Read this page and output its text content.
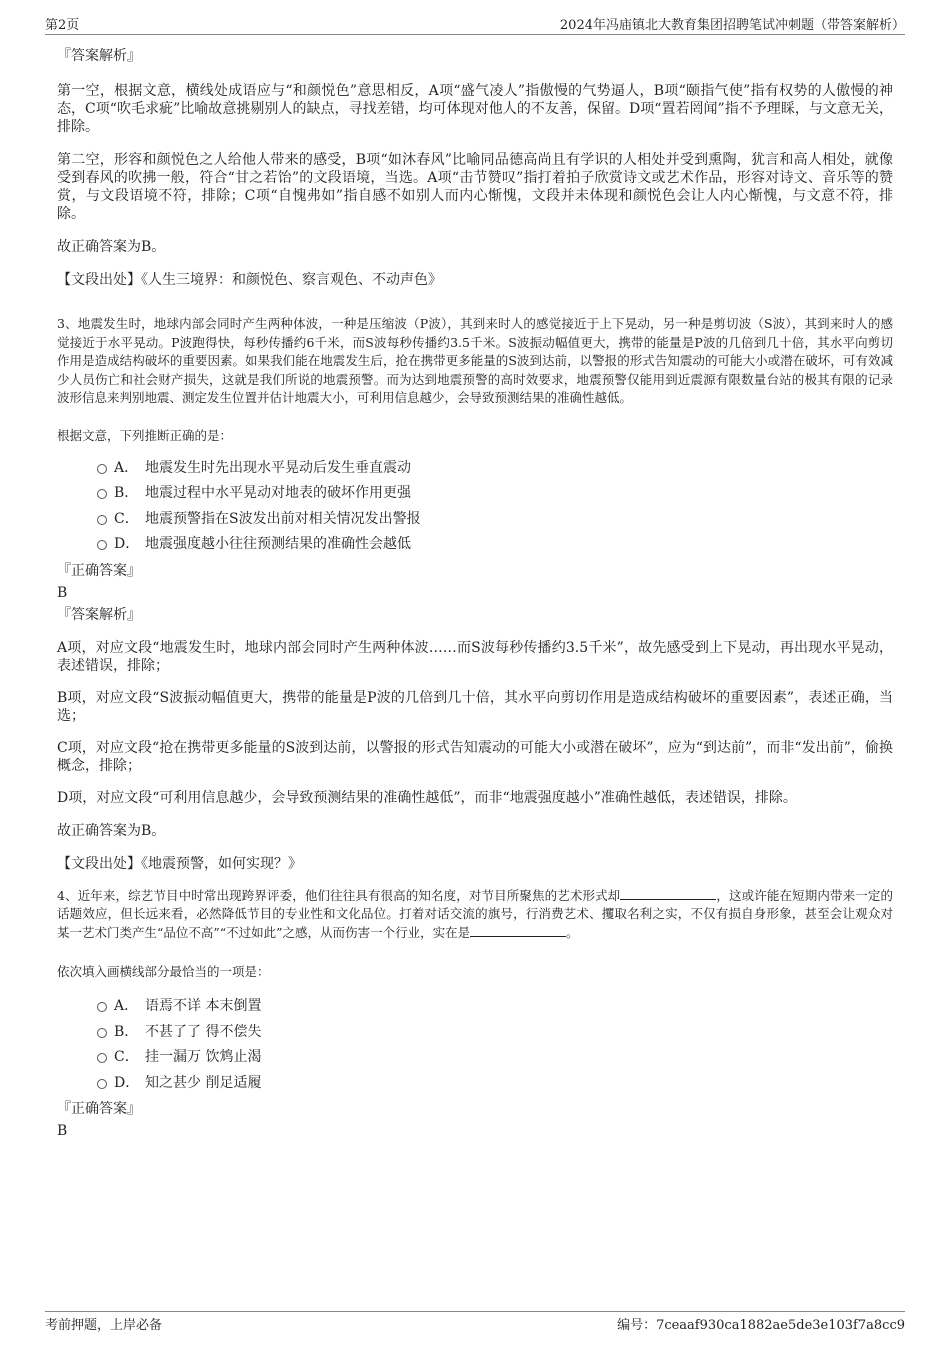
第2页	2024年冯庙镇北大教育集团招聘笔试冲刺题（带答案解析）

『答案解析』

第一空，根据文意，横线处成语应与“和颜悦色”意思相反，A项“盛气凌人”指傲慢的气势逼人，B项“颐指气使”指有权势的人傲慢的神态，C项“吹毛求疵”比喻故意挑剔别人的缺点，寻找差错，均可体现对他人的不友善，保留。D项“置若罔闻”指不予理睬，与文意无关，排除。

第二空，形容和颜悦色之人给他人带来的感受，B项“如沐春风”比喻同品德高尚且有学识的人相处并受到熏陶，犹言和高人相处，就像受到春风的吹拂一般，符合“甘之若饴”的文段语境，当选。A项“击节赞叹”指打着拍子欣赏诗文或艺术作品，形容对诗文、音乐等的赞赏，与文段语境不符，排除；C项“自愧弗如”指自感不如别人而内心惭愧，文段并未体现和颜悦色会让人内心惭愧，与文意不符，排除。

故正确答案为B。

【文段出处】《人生三境界：和颜悦色、察言观色、不动声色》

3、地震发生时，地球内部会同时产生两种体波，一种是压缩波（P波），其到来时人的感觉接近于上下晃动，另一种是剪切波（S波），其到来时人的感觉接近于水平晃动。P波跑得快，每秒传播约6千米，而S波每秒传播约3.5千米。S波振动幅值更大，携带的能量是P波的几倍到几十倍，其水平向剪切作用是造成结构破坏的重要因素。如果我们能在地震发生后，抢在携带更多能量的S波到达前，以警报的形式告知震动的可能大小或潜在破坏，可有效减少人员伤亡和社会财产损失，这就是我们所说的地震预警。而为达到地震预警的高时效要求，地震预警仅能用到近震源有限数量台站的极其有限的记录波形信息来判别地震、测定发生位置并估计地震大小，可利用信息越少，会导致预测结果的准确性越低。

根据文意，下列推断正确的是：

A． 地震发生时先出现水平晃动后发生垂直震动
B． 地震过程中水平晃动对地表的破坏作用更强
C． 地震预警指在S波发出前对相关情况发出警报
D． 地震强度越小往往预测结果的准确性会越低

『正确答案』

B

『答案解析』

A项，对应文段“地震发生时，地球内部会同时产生两种体波……而S波每秒传播约3.5千米”，故先感受到上下晃动，再出现水平晃动，表述错误，排除；

B项，对应文段“S波振动幅值更大，携带的能量是P波的几倍到几十倍，其水平向剪切作用是造成结构破坏的重要因素”，表述正确，当选；

C项，对应文段“抢在携带更多能量的S波到达前，以警报的形式告知震动的可能大小或潜在破坏”，应为“到达前”，而非“发出前”，偷换概念，排除；

D项，对应文段“可利用信息越少，会导致预测结果的准确性越低”，而非“地震强度越小”准确性越低，表述错误，排除。

故正确答案为B。

【文段出处】《地震预警，如何实现？》

4、近年来，综艺节目中时常出现跨界评委，他们往往具有很高的知名度，对节目所聚焦的艺术形式却	，这或许能在短期内带来一定的话题效应，但长远来看，必然降低节目的专业性和文化品位。打着对话交流的旗号，行消费艺术、攫取名利之实，不仅有损自身形象，甚至会让观众对某一艺术门类产生“品位不高”“不过如此”之感，从而伤害一个行业，实在是	。

依次填入画横线部分最恰当的一项是：

A． 语焉不详 本末倒置
B． 不甚了了 得不偿失
C． 挂一漏万 饮鸩止渴
D． 知之甚少 削足适履

『正确答案』

B

考前押题，上岸必备	编号：7ceaaf930ca1882ae5de3e103f7a8cc9
